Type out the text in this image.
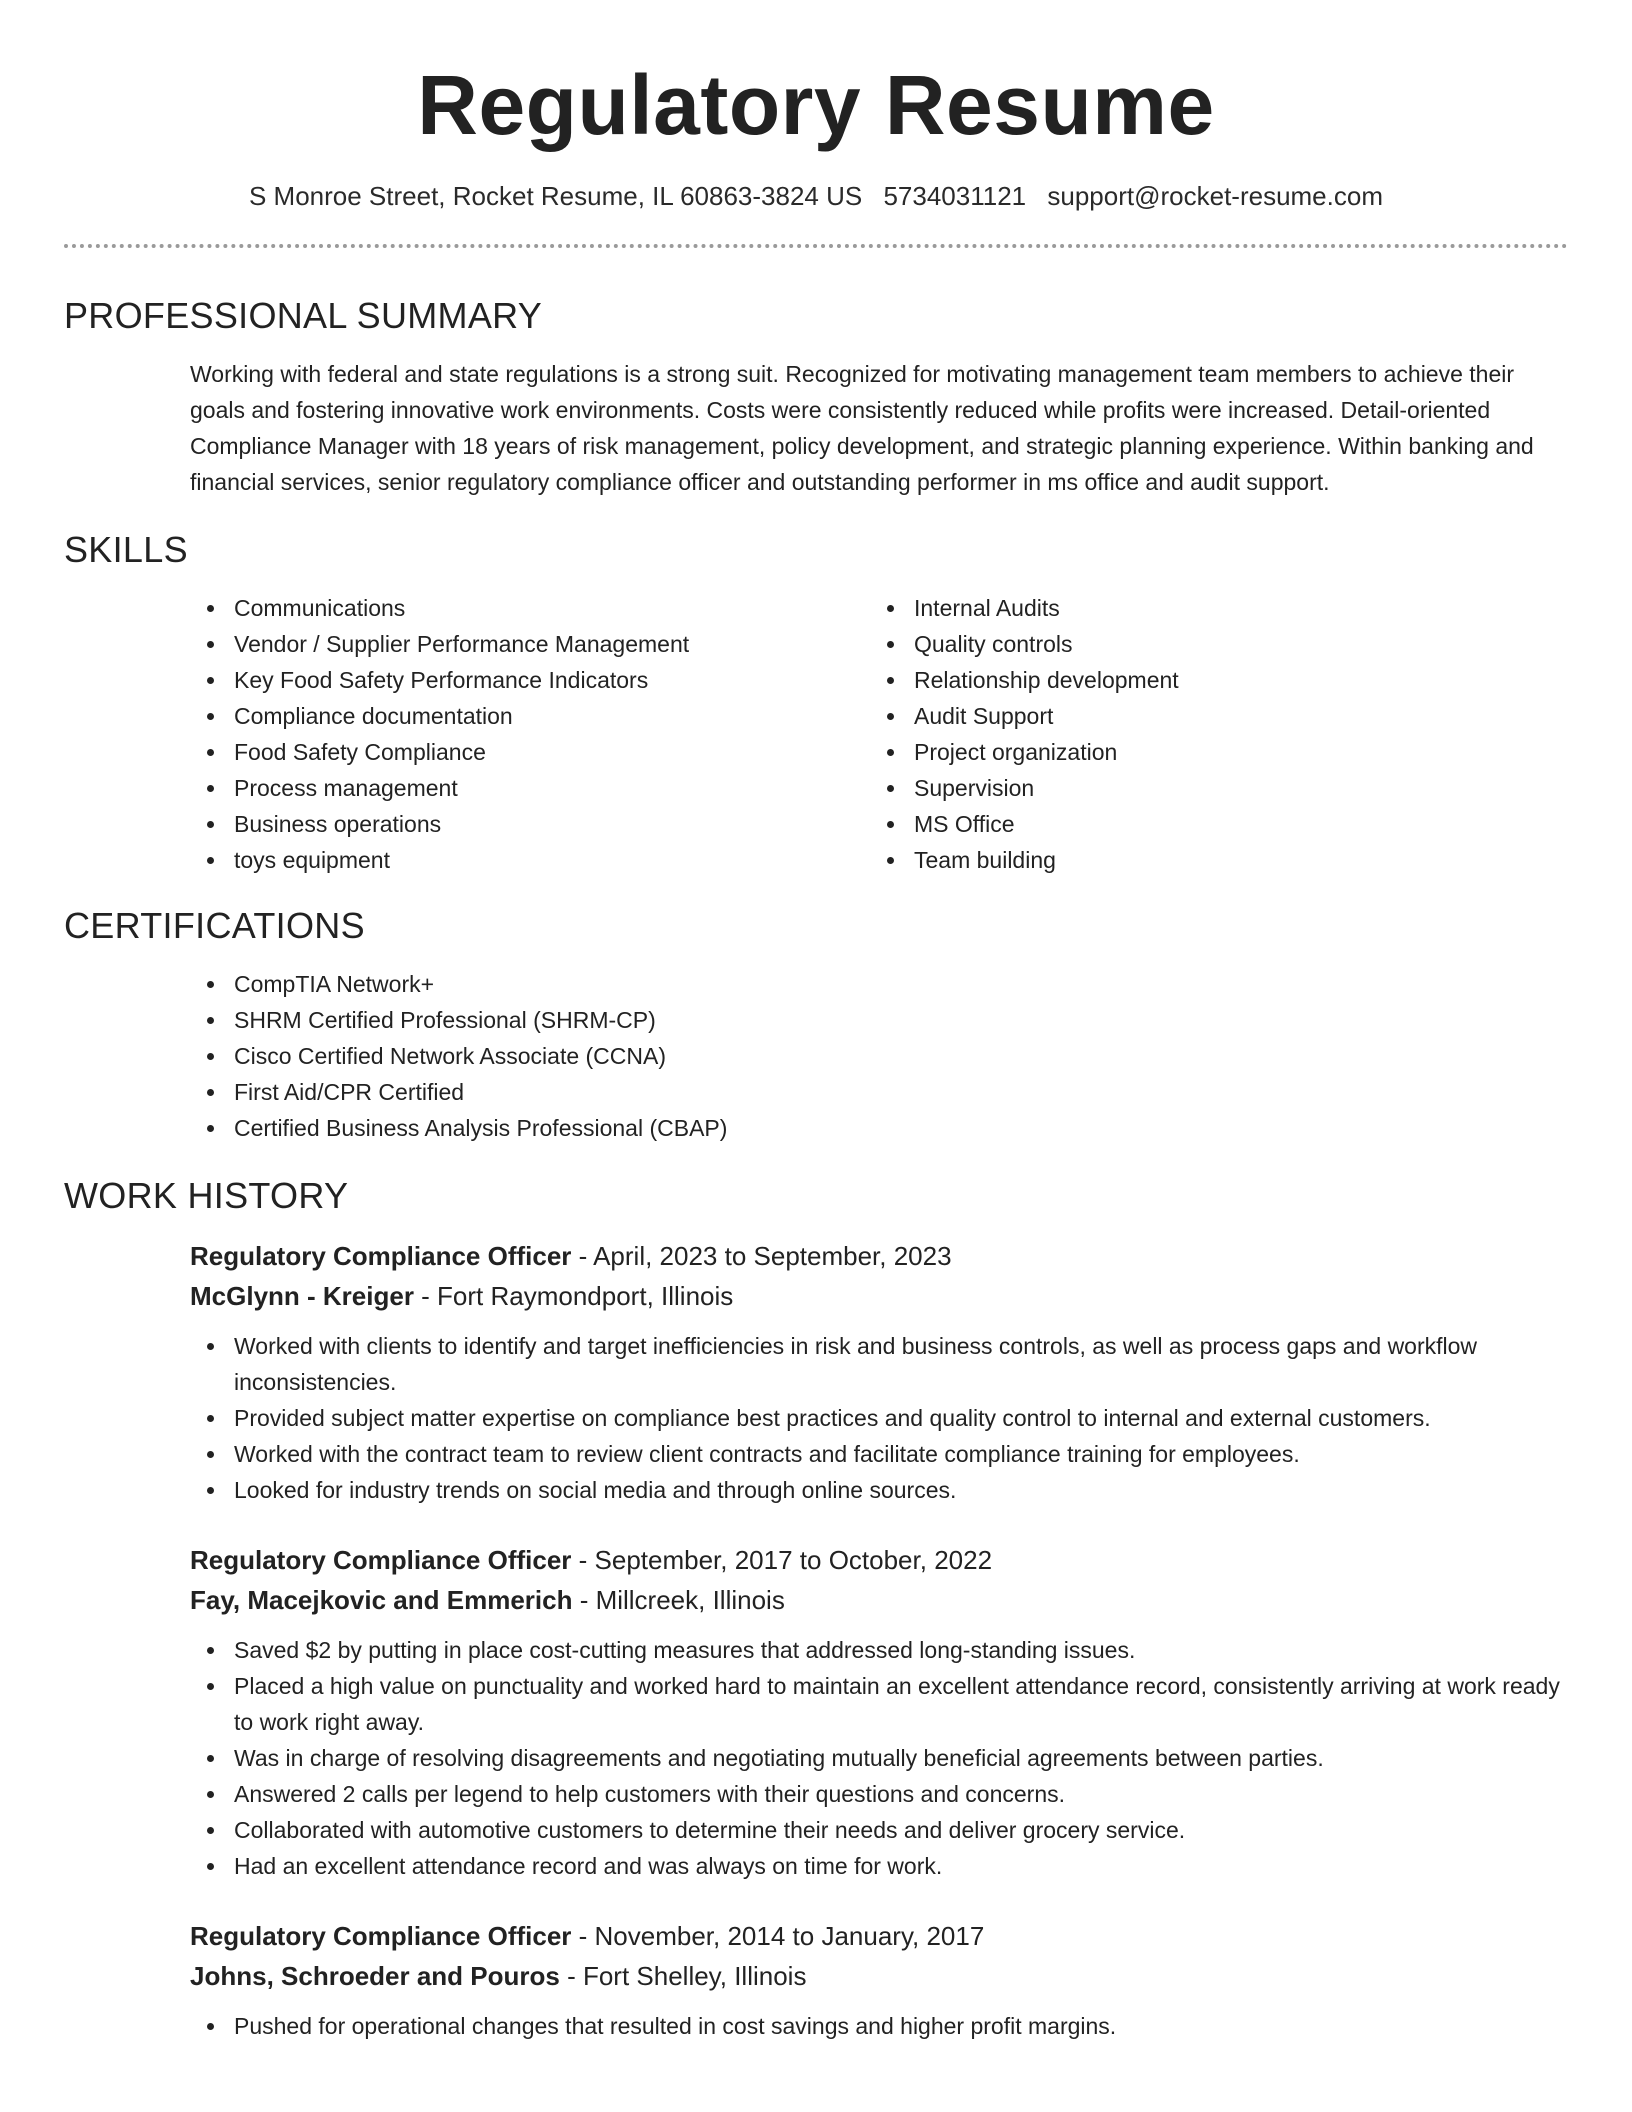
Regulatory Resume
S Monroe Street, Rocket Resume, IL 60863-3824 US 5734031121 support@rocket-resume.com
PROFESSIONAL SUMMARY

Working with federal and state regulations is a strong suit. Recognized for motivating management team members to achieve their goals and fostering innovative work environments. Costs were consistently reduced while profits were increased. Detail-oriented Compliance Manager with 18 years of risk management, policy development, and strategic planning experience. Within banking and financial services, senior regulatory compliance officer and outstanding performer in ms office and audit support.

SKILLS
Communications
Vendor / Supplier Performance Management
Key Food Safety Performance Indicators
Compliance documentation
Food Safety Compliance
Process management
Business operations
toys equipment
Internal Audits
Quality controls
Relationship development
Audit Support
Project organization
Supervision
MS Office
Team building
CERTIFICATIONS
CompTIA Network+
SHRM Certified Professional (SHRM-CP)
Cisco Certified Network Associate (CCNA)
First Aid/CPR Certified
Certified Business Analysis Professional (CBAP)
WORK HISTORY
Regulatory Compliance Officer - April, 2023 to September, 2023
McGlynn - Kreiger - Fort Raymondport, Illinois
Worked with clients to identify and target inefficiencies in risk and business controls, as well as process gaps and workflow inconsistencies.
Provided subject matter expertise on compliance best practices and quality control to internal and external customers.
Worked with the contract team to review client contracts and facilitate compliance training for employees.
Looked for industry trends on social media and through online sources.
Regulatory Compliance Officer - September, 2017 to October, 2022
Fay, Macejkovic and Emmerich - Millcreek, Illinois
Saved $2 by putting in place cost-cutting measures that addressed long-standing issues.
Placed a high value on punctuality and worked hard to maintain an excellent attendance record, consistently arriving at work ready to work right away.
Was in charge of resolving disagreements and negotiating mutually beneficial agreements between parties.
Answered 2 calls per legend to help customers with their questions and concerns.
Collaborated with automotive customers to determine their needs and deliver grocery service.
Had an excellent attendance record and was always on time for work.
Regulatory Compliance Officer - November, 2014 to January, 2017
Johns, Schroeder and Pouros - Fort Shelley, Illinois
Pushed for operational changes that resulted in cost savings and higher profit margins.
